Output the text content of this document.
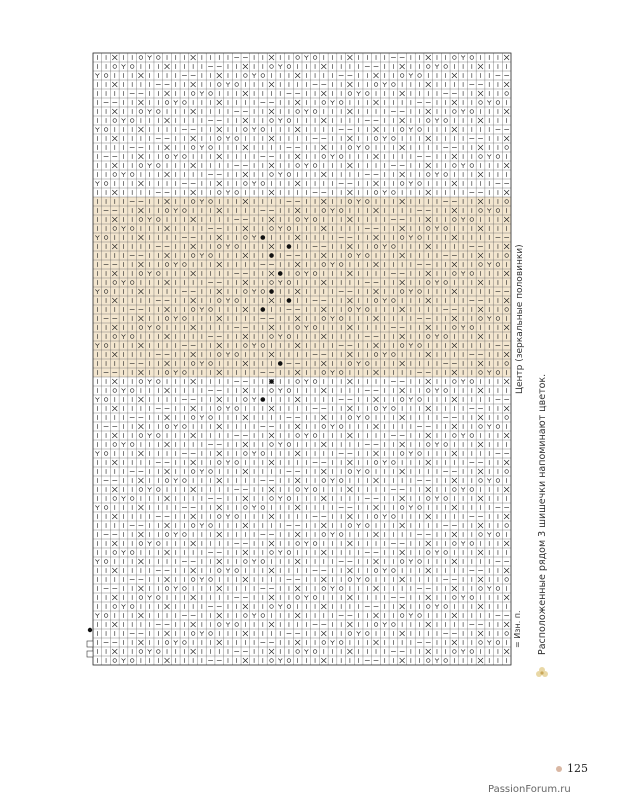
= Изн. п.
Центр (зеркальные половинки)
Расположенные рядом 3 шишечки напоминают цветок.
125
PassionForum.ru
